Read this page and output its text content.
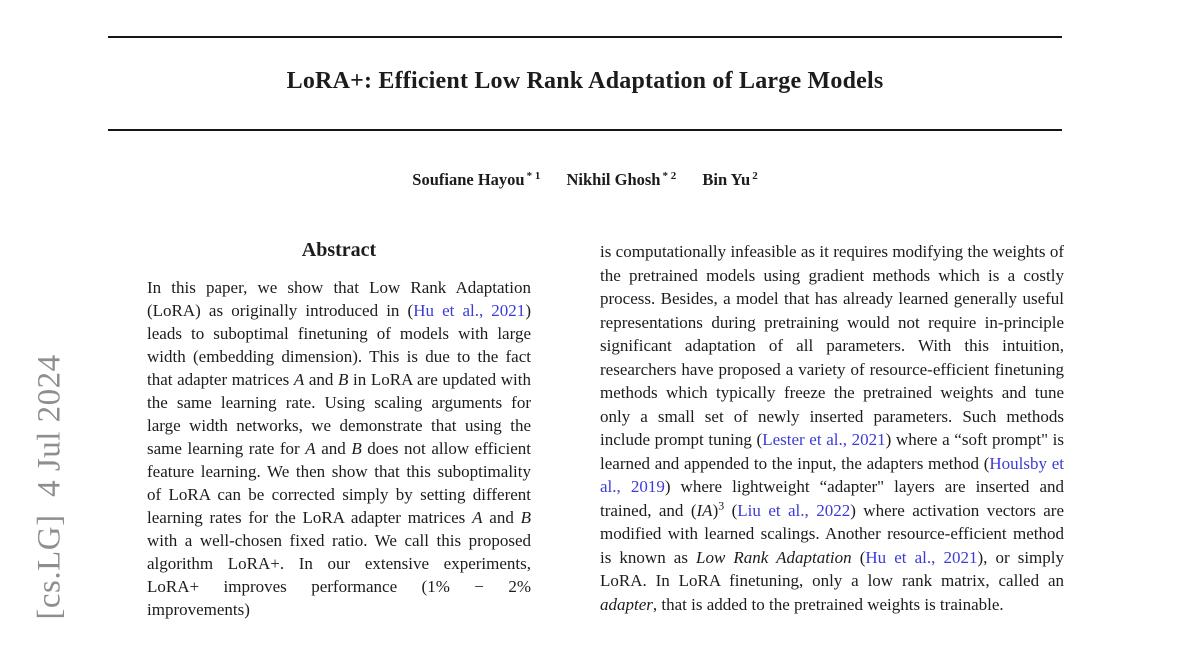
[cs.LG]  4 Jul 2024
LoRA+: Efficient Low Rank Adaptation of Large Models
Soufiane Hayou $^{* 1}$ Nikhil Ghosh $^{* 2}$ Bin Yu $^2$
Abstract
In this paper, we show that Low Rank Adaptation (LoRA) as originally introduced in (Hu et al., 2021) leads to suboptimal finetuning of models with large width (embedding dimension). This is due to the fact that adapter matrices A and B in LoRA are updated with the same learning rate. Using scaling arguments for large width networks, we demonstrate that using the same learning rate for A and B does not allow efficient feature learning. We then show that this suboptimality of LoRA can be corrected simply by setting different learning rates for the LoRA adapter matrices A and B with a well-chosen fixed ratio. We call this proposed algorithm LoRA+. In our extensive experiments, LoRA+ improves performance (1% − 2% improvements)
is computationally infeasible as it requires modifying the weights of the pretrained models using gradient methods which is a costly process. Besides, a model that has already learned generally useful representations during pretraining would not require in-principle significant adaptation of all parameters. With this intuition, researchers have proposed a variety of resource-efficient finetuning methods which typically freeze the pretrained weights and tune only a small set of newly inserted parameters. Such methods include prompt tuning (Lester et al., 2021) where a “soft prompt" is learned and appended to the input, the adapters method (Houlsby et al., 2019) where lightweight “adapter" layers are inserted and trained, and (IA)$^3$ (Liu et al., 2022) where activation vectors are modified with learned scalings. Another resource-efficient method is known as Low Rank Adaptation (Hu et al., 2021), or simply LoRA. In LoRA finetuning, only a low rank matrix, called an adapter, that is added to the pretrained weights is trainable.
